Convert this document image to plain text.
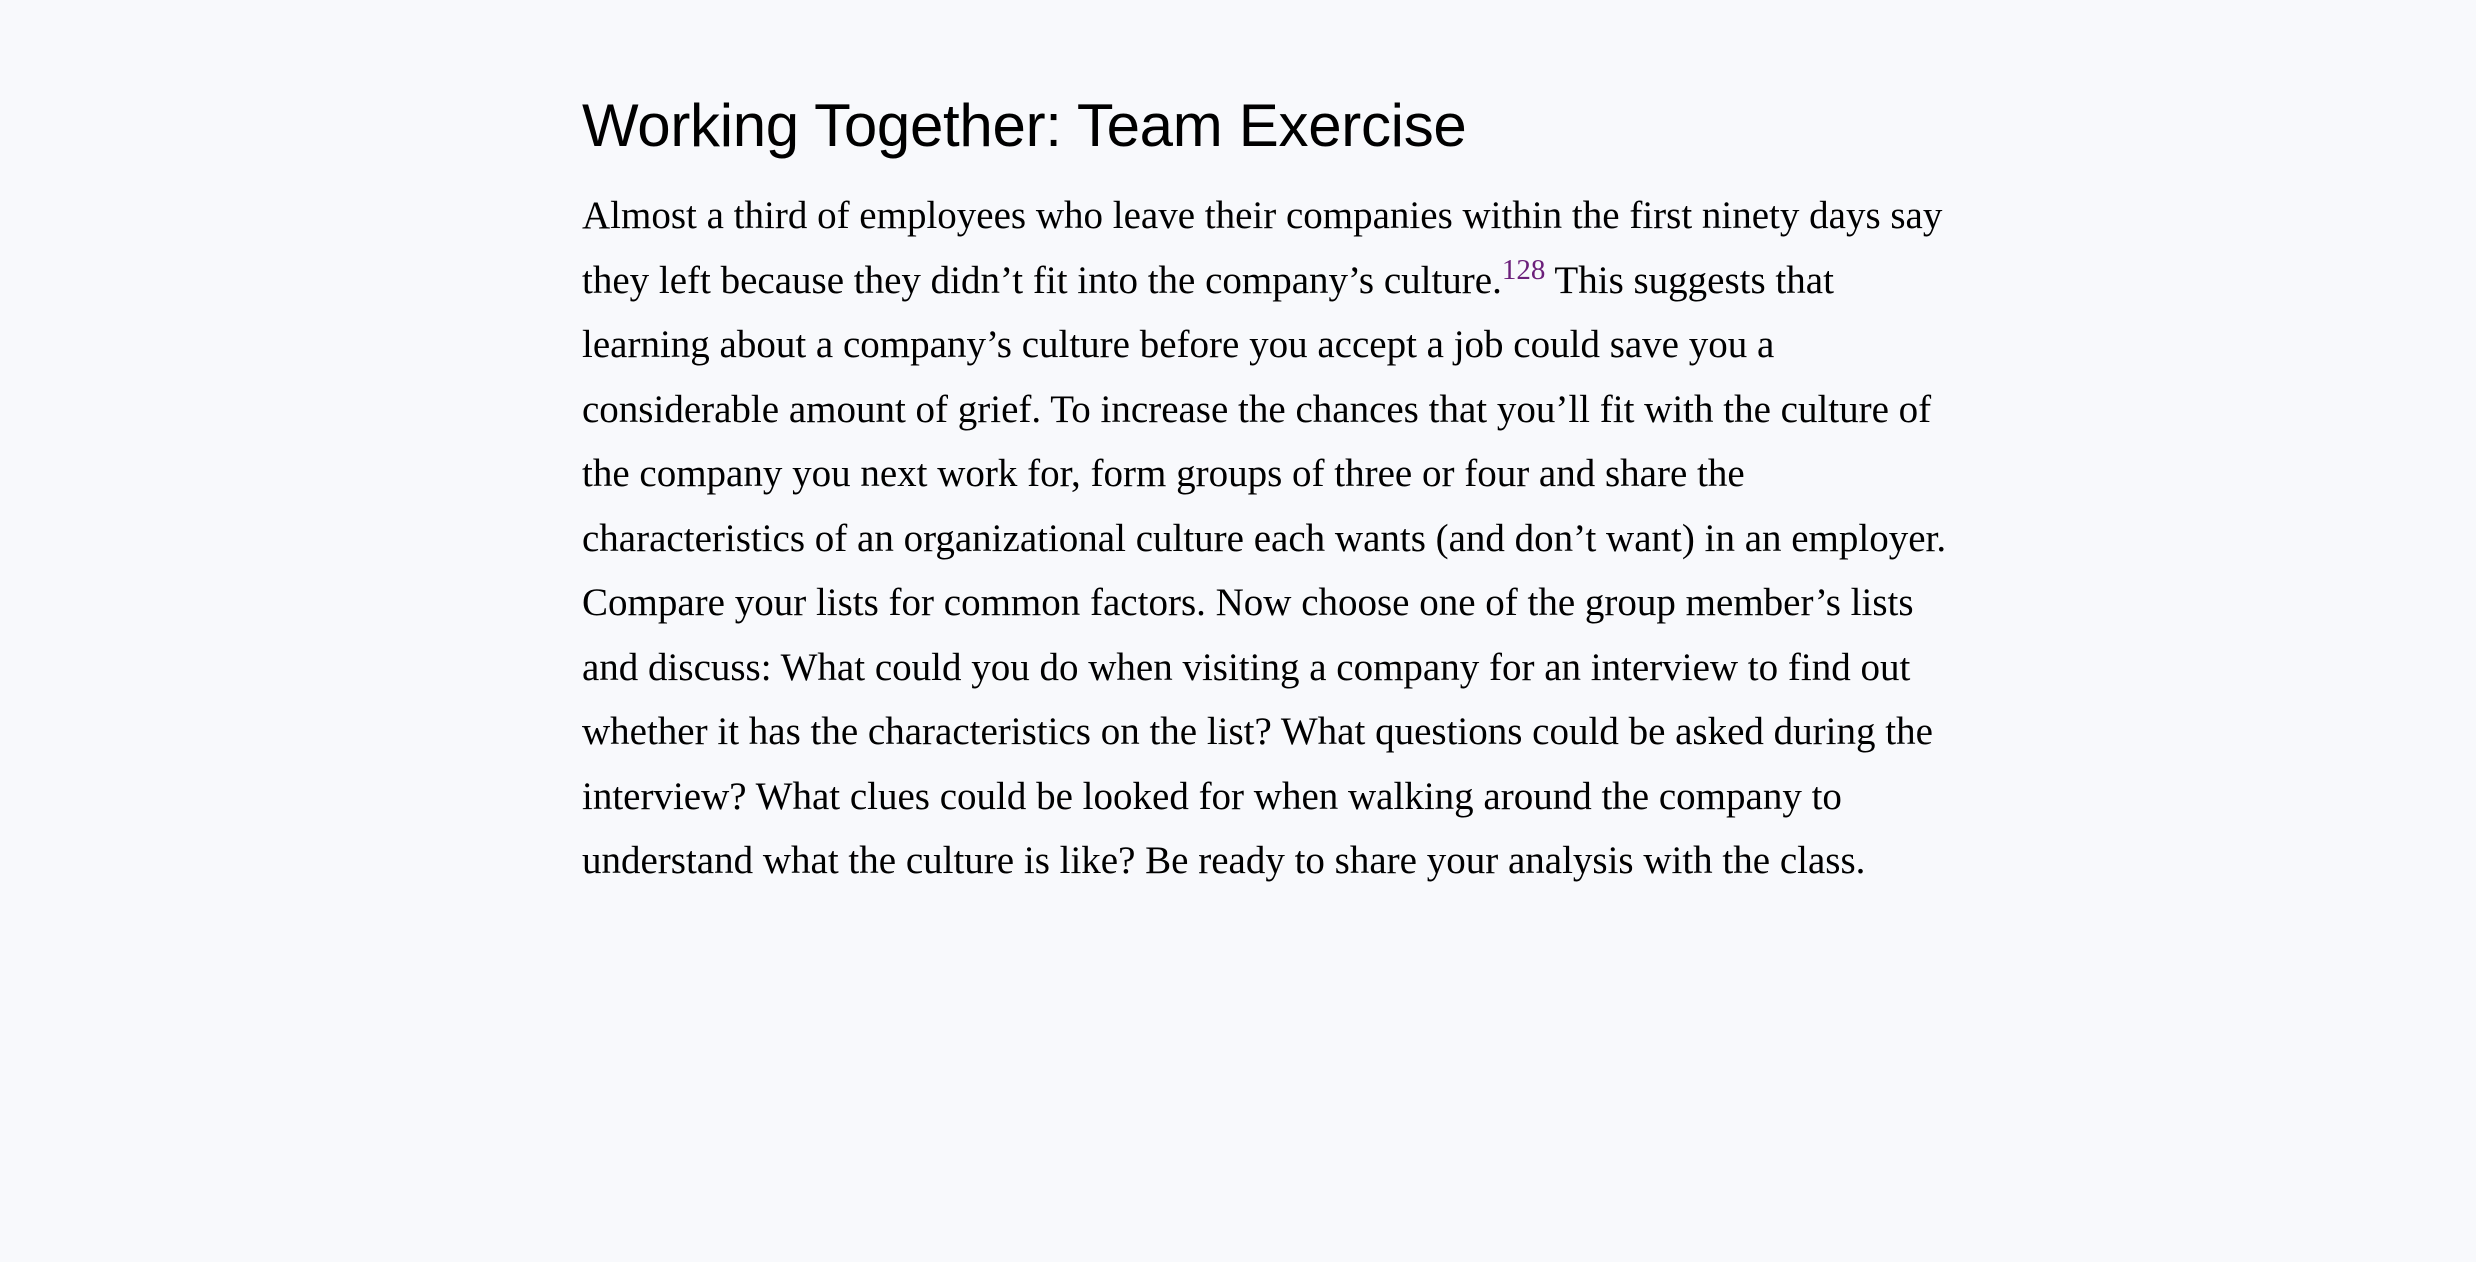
Working Together: Team Exercise

Almost a third of employees who leave their companies within the first ninety days say they left because they didn’t fit into the company’s culture.$^{128}$ This suggests that learning about a company’s culture before you accept a job could save you a considerable amount of grief. To increase the chances that you’ll fit with the culture of the company you next work for, form groups of three or four and share the characteristics of an organizational culture each wants (and don’t want) in an employer. Compare your lists for common factors. Now choose one of the group member’s lists and discuss: What could you do when visiting a company for an interview to find out whether it has the characteristics on the list? What questions could be asked during the interview? What clues could be looked for when walking around the company to understand what the culture is like? Be ready to share your analysis with the class.
